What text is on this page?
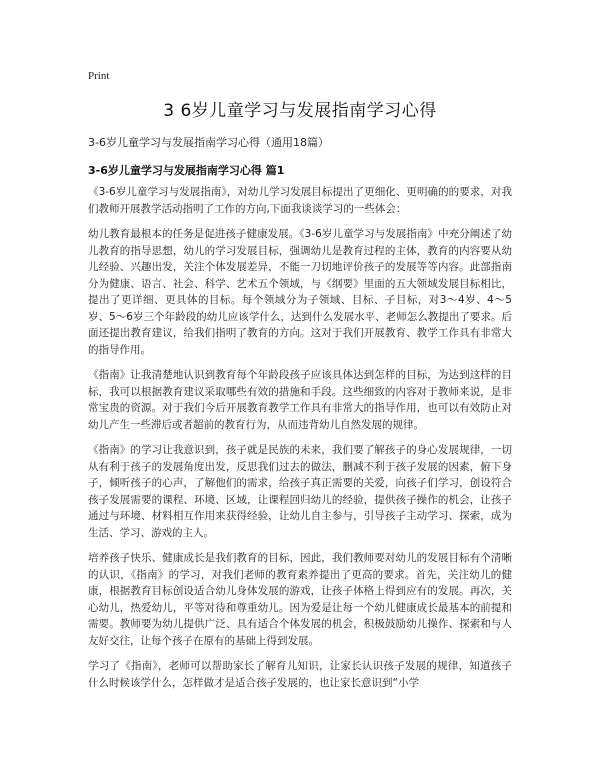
Print
3 6岁儿童学习与发展指南学习心得
3-6岁儿童学习与发展指南学习心得（通用18篇）
3-6岁儿童学习与发展指南学习心得 篇1

《3-6岁儿童学习与发展指南》，对幼儿学习发展目标提出了更细化、更明确的的要求，对我们教师开展教学活动指明了工作的方向,下面我谈谈学习的一些体会：

幼儿教育最根本的任务是促进孩子健康发展。《3-6岁儿童学习与发展指南》中充分阐述了幼儿教育的指导思想，幼儿的学习发展目标，强调幼儿是教育过程的主体，教育的内容要从幼儿经验、兴趣出发，关注个体发展差异，不能一刀切地评价孩子的发展等等内容。此部指南分为健康、语言、社会、科学、艺术五个领域，与《纲要》里面的五大领域发展目标相比，提出了更详细、更具体的目标。每个领域分为子领域、目标、子目标，对3～4岁、4～5岁、5～6岁三个年龄段的幼儿应该学什么，达到什么发展水平、老师怎么教提出了要求。后面还提出教育建议，给我们指明了教育的方向。这对于我们开展教育、教学工作具有非常大的指导作用。

《指南》让我清楚地认识到教育每个年龄段孩子应该具体达到怎样的目标，为达到这样的目标，我可以根据教育建议采取哪些有效的措施和手段。这些细致的内容对于教师来说，是非常宝贵的资源。对于我们今后开展教育教学工作具有非常大的指导作用，也可以有效防止对幼儿产生一些滞后或者超前的教育行为，从而违背幼儿自然发展的规律。

《指南》的学习让我意识到，孩子就是民族的未来，我们要了解孩子的身心发展规律，一切从有利于孩子的发展角度出发，反思我们过去的做法，删减不利于孩子发展的因素，俯下身子，倾听孩子的心声，了解他们的需求，给孩子真正需要的关爱，向孩子们学习，创设符合孩子发展需要的课程、环境、区域，让课程回归幼儿的经验，提供孩子操作的机会，让孩子通过与环境、材料相互作用来获得经验，让幼儿自主参与，引导孩子主动学习、探索，成为生活、学习、游戏的主人。

培养孩子快乐、健康成长是我们教育的目标，因此，我们教师要对幼儿的发展目标有个清晰的认识，《指南》的学习，对我们老师的教育素养提出了更高的要求。首先，关注幼儿的健康，根据教育目标创设适合幼儿身体发展的游戏，让孩子体格上得到应有的发展。再次，关心幼儿，热爱幼儿，平等对待和尊重幼儿。因为爱是让每一个幼儿健康成长最基本的前提和需要。教师要为幼儿提供广泛、具有适合个体发展的机会，积极鼓励幼儿操作、探索和与人友好交往，让每个孩子在原有的基础上得到发展。

学习了《指南》，老师可以帮助家长了解育儿知识，让家长认识孩子发展的规律，知道孩子什么时候该学什么，怎样做才是适合孩子发展的，也让家长意识到“小学
